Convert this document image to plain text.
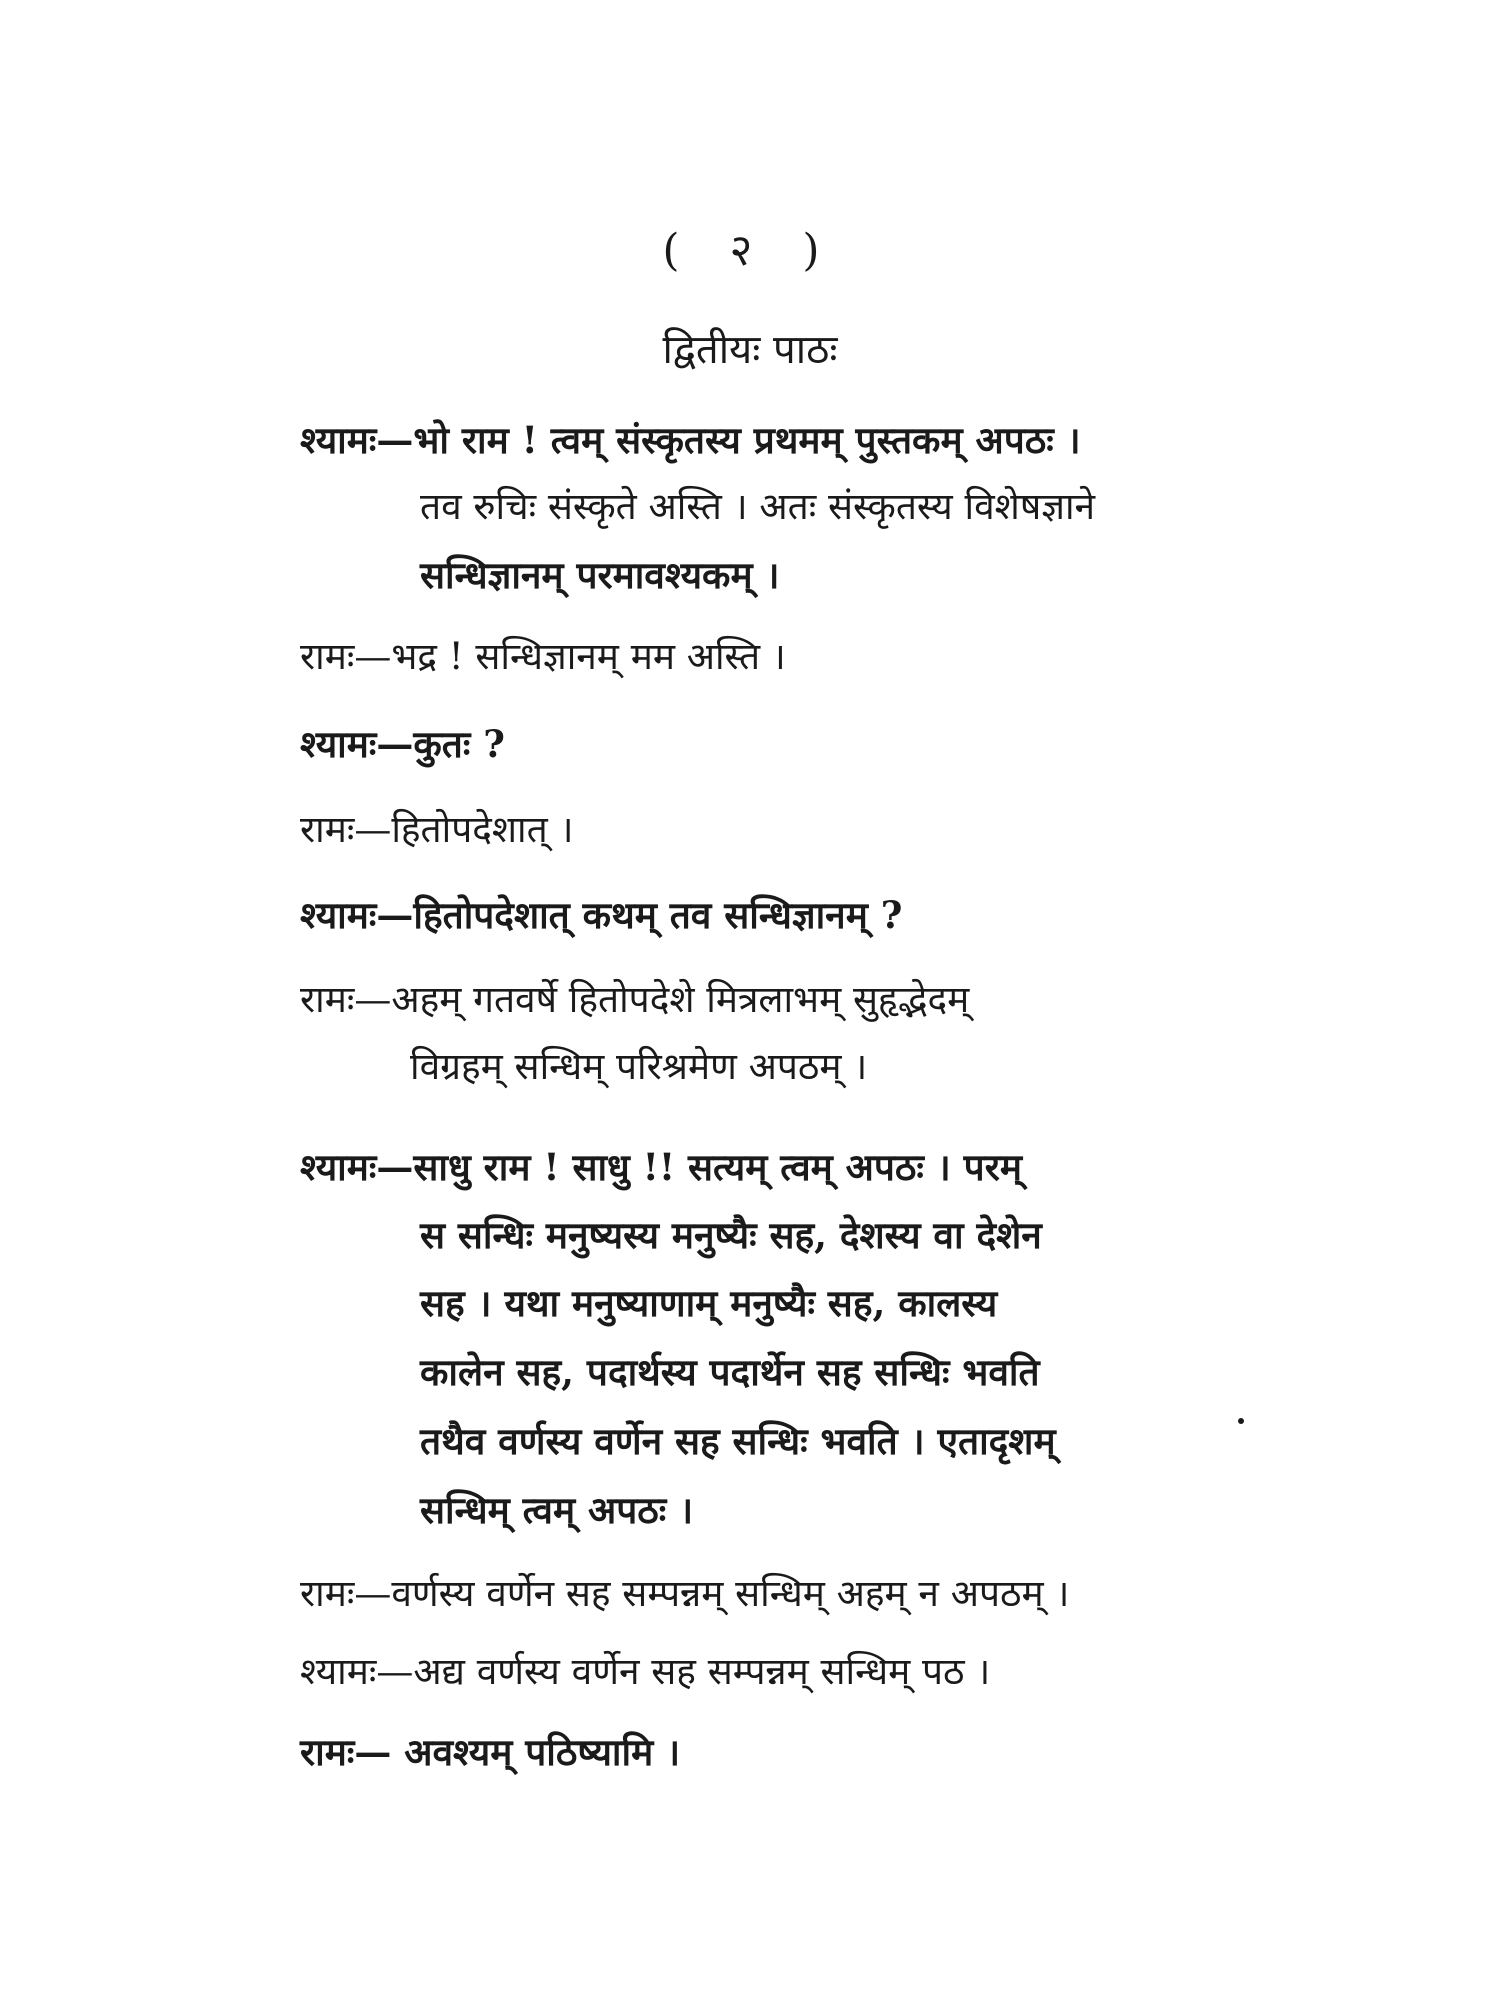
( २ )
द्वितीयः पाठः
श्यामः—भो राम ! त्वम् संस्कृतस्य प्रथमम् पुस्तकम् अपठः ।
तव रुचिः संस्कृते अस्ति । अतः संस्कृतस्य विशेषज्ञाने
सन्धिज्ञानम् परमावश्यकम् ।
रामः—भद्र ! सन्धिज्ञानम् मम अस्ति ।
श्यामः—कुतः ?
रामः—हितोपदेशात् ।
श्यामः—हितोपदेशात् कथम् तव सन्धिज्ञानम् ?
रामः—अहम् गतवर्षे हितोपदेशे मित्रलाभम् सुहृद्भेदम्
विग्रहम् सन्धिम् परिश्रमेण अपठम् ।
श्यामः—साधु राम ! साधु !! सत्यम् त्वम् अपठः । परम्
स सन्धिः मनुष्यस्य मनुष्यैः सह, देशस्य वा देशेन
सह । यथा मनुष्याणाम् मनुष्यैः सह, कालस्य
कालेन सह, पदार्थस्य पदार्थेन सह सन्धिः भवति
तथैव वर्णस्य वर्णेन सह सन्धिः भवति । एतादृशम्
सन्धिम् त्वम् अपठः ।
रामः—वर्णस्य वर्णेन सह सम्पन्नम् सन्धिम् अहम् न अपठम् ।
श्यामः—अद्य वर्णस्य वर्णेन सह सम्पन्नम् सन्धिम् पठ ।
रामः— अवश्यम् पठिष्यामि ।
